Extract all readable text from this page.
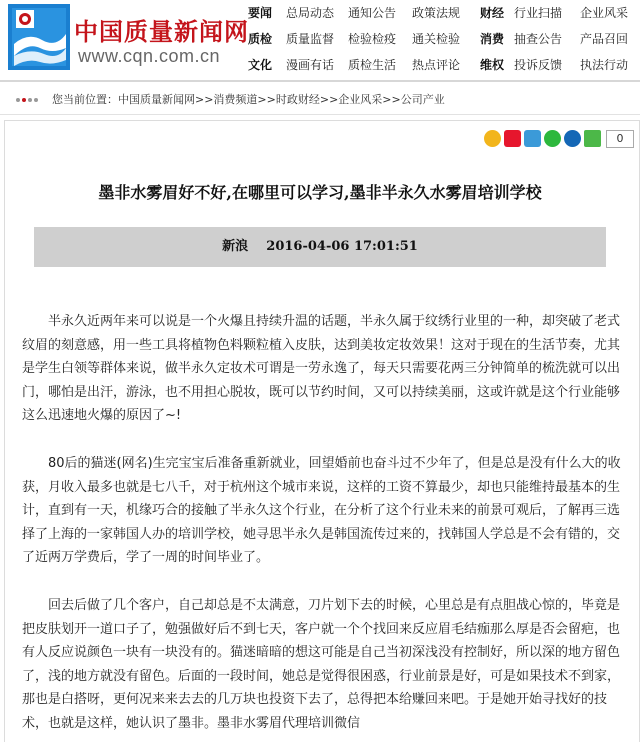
中国质量新闻网
www.cqn.com.cn
要闻 总局动态 通知公告 政策法规 财经 行业扫描 企业风采
质检 质量监督 检验检疫 通关检验 消费 抽查公告 产品召回
文化 漫画有话 质检生活 热点评论 维权 投诉反馈 执法行动
您当前位置：中国质量新闻网>>消费频道>>时政财经>>企业风采>>公司产业
0
墨非水雾眉好不好,在哪里可以学习,墨非半永久水雾眉培训学校
新浪 2016-04-06 17:01:51

半永久近两年来可以说是一个火爆且持续升温的话题，半永久属于纹绣行业里的一种，却突破了老式纹眉的刻意感，用一些工具将植物色料颗粒植入皮肤，达到美妆定妆效果！这对于现在的生活节奏，尤其是学生白领等群体来说，做半永久定妆术可谓是一劳永逸了，每天只需要花两三分钟简单的梳洗就可以出门，哪怕是出汗，游泳，也不用担心脱妆，既可以节约时间，又可以持续美丽，这或许就是这个行业能够这么迅速地火爆的原因了~!

80后的猫迷(网名)生完宝宝后准备重新就业，回望婚前也奋斗过不少年了，但是总是没有什么大的收获，月收入最多也就是七八千，对于杭州这个城市来说，这样的工资不算最少，却也只能维持最基本的生计，直到有一天，机缘巧合的接触了半永久这个行业，在分析了这个行业未来的前景可观后，了解再三选择了上海的一家韩国人办的培训学校，她寻思半永久是韩国流传过来的，找韩国人学总是不会有错的，交了近两万学费后，学了一周的时间毕业了。

回去后做了几个客户，自己却总是不太满意，刀片划下去的时候，心里总是有点胆战心惊的，毕竟是把皮肤划开一道口子了，勉强做好后不到七天，客户就一个个找回来反应眉毛结痂那么厚是否会留疤，也有人反应说颜色一块有一块没有的。猫迷暗暗的想这可能是自己当初深浅没有控制好，所以深的地方留色了，浅的地方就没有留色。后面的一段时间，她总是觉得很困惑，行业前景是好，可是如果技术不到家，那也是白搭呀，更何况来来去去的几万块也投资下去了，总得把本给赚回来吧。于是她开始寻找好的技术，也就是这样，她认识了墨非。墨非水雾眉代理培训微信
